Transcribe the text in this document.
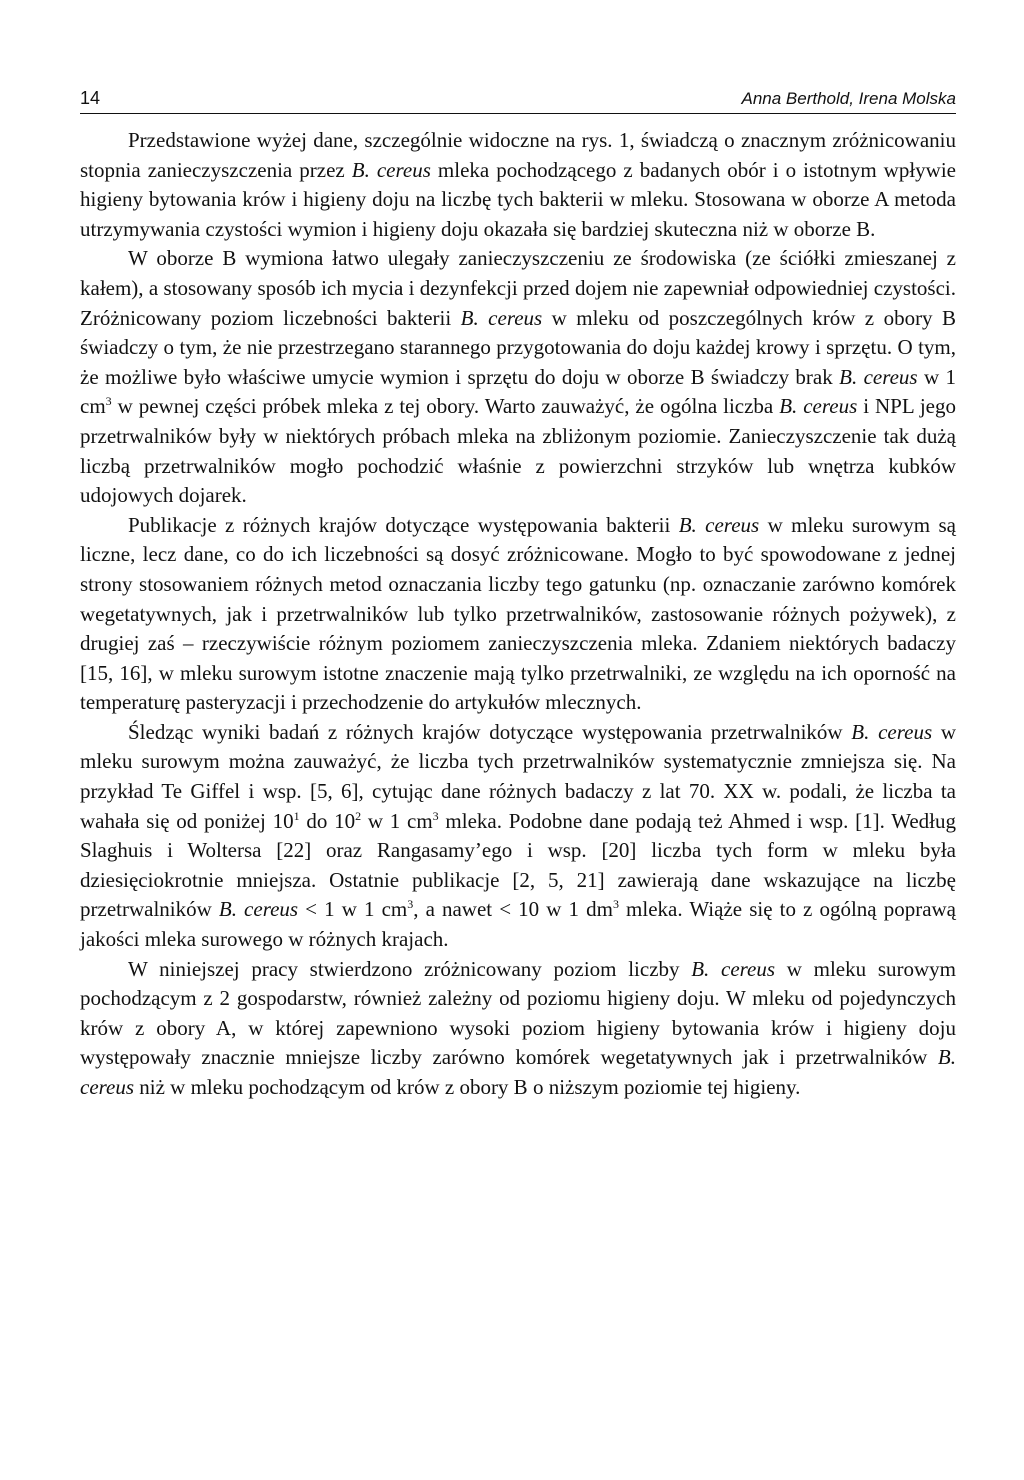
14	Anna Berthold, Irena Molska

Przedstawione wyżej dane, szczególnie widoczne na rys. 1, świadczą o znacznym zróżnicowaniu stopnia zanieczyszczenia przez B. cereus mleka pochodzącego z badanych obór i o istotnym wpływie higieny bytowania krów i higieny doju na liczbę tych bakterii w mleku. Stosowana w oborze A metoda utrzymywania czystości wymion i higieny doju okazała się bardziej skuteczna niż w oborze B.

W oborze B wymiona łatwo ulegały zanieczyszczeniu ze środowiska (ze ściółki zmieszanej z kałem), a stosowany sposób ich mycia i dezynfekcji przed dojem nie zapewniał odpowiedniej czystości. Zróżnicowany poziom liczebności bakterii B. cereus w mleku od poszczególnych krów z obory B świadczy o tym, że nie przestrzegano starannego przygotowania do doju każdej krowy i sprzętu. O tym, że możliwe było właściwe umycie wymion i sprzętu do doju w oborze B świadczy brak B. cereus w 1 $cm^3$ w pewnej części próbek mleka z tej obory. Warto zauważyć, że ogólna liczba B. cereus i NPL jego przetrwalników były w niektórych próbach mleka na zbliżonym poziomie. Zanieczyszczenie tak dużą liczbą przetrwalników mogło pochodzić właśnie z powierzchni strzyków lub wnętrza kubków udojowych dojarek.

Publikacje z różnych krajów dotyczące występowania bakterii B. cereus w mleku surowym są liczne, lecz dane, co do ich liczebności są dosyć zróżnicowane. Mogło to być spowodowane z jednej strony stosowaniem różnych metod oznaczania liczby tego gatunku (np. oznaczanie zarówno komórek wegetatywnych, jak i przetrwalników lub tylko przetrwalników, zastosowanie różnych pożywek), z drugiej zaś – rzeczywiście różnym poziomem zanieczyszczenia mleka. Zdaniem niektórych badaczy [15, 16], w mleku surowym istotne znaczenie mają tylko przetrwalniki, ze względu na ich oporność na temperaturę pasteryzacji i przechodzenie do artykułów mlecznych.

Śledząc wyniki badań z różnych krajów dotyczące występowania przetrwalników B. cereus w mleku surowym można zauważyć, że liczba tych przetrwalników systematycznie zmniejsza się. Na przykład Te Giffel i wsp. [5, 6], cytując dane różnych badaczy z lat 70. XX w. podali, że liczba ta wahała się od poniżej $10^1$ do $10^2$ w 1 $cm^3$ mleka. Podobne dane podają też Ahmed i wsp. [1]. Według Slaghuis i Woltersa [22] oraz Rangasamy’ego i wsp. [20] liczba tych form w mleku była dziesięciokrotnie mniejsza. Ostatnie publikacje [2, 5, 21] zawierają dane wskazujące na liczbę przetrwalników B. cereus < 1 w 1 $cm^3$, a nawet < 10 w 1 $dm^3$ mleka. Wiąże się to z ogólną poprawą jakości mleka surowego w różnych krajach.

W niniejszej pracy stwierdzono zróżnicowany poziom liczby B. cereus w mleku surowym pochodzącym z 2 gospodarstw, również zależny od poziomu higieny doju. W mleku od pojedynczych krów z obory A, w której zapewniono wysoki poziom higieny bytowania krów i higieny doju występowały znacznie mniejsze liczby zarówno komórek wegetatywnych jak i przetrwalników B. cereus niż w mleku pochodzącym od krów z obory B o niższym poziomie tej higieny.
